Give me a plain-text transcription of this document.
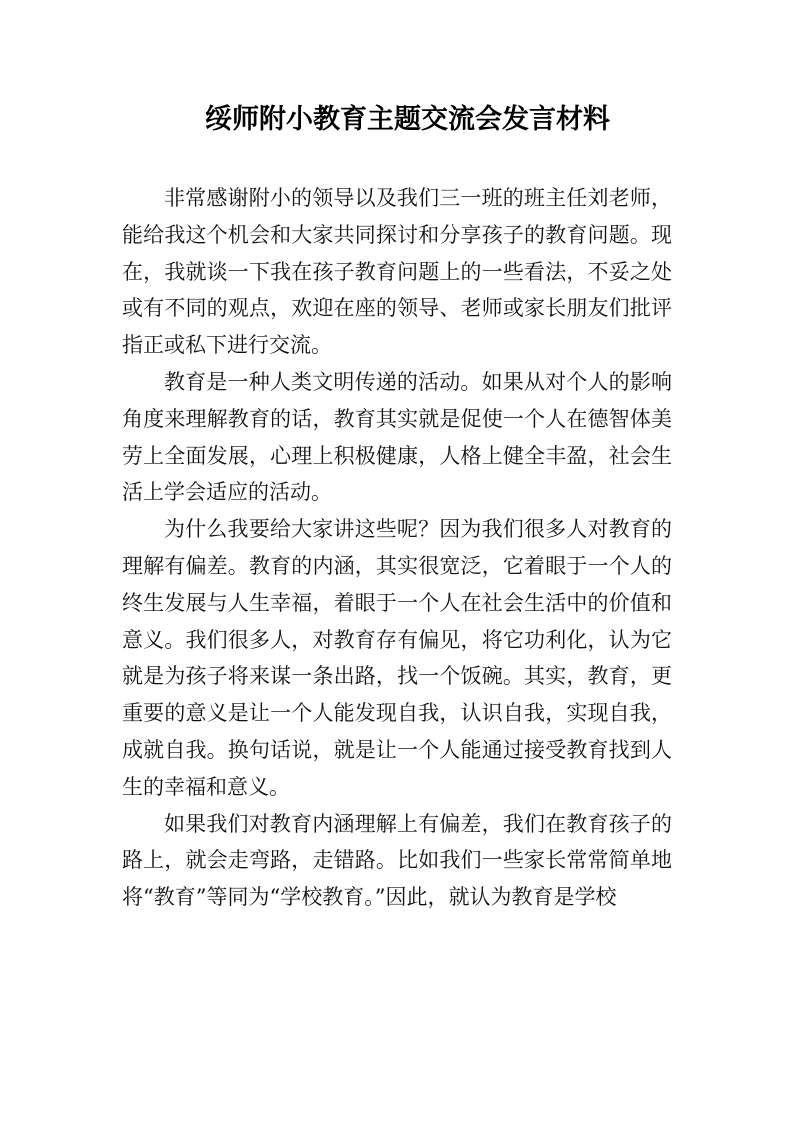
绥师附小教育主题交流会发言材料

非常感谢附小的领导以及我们三一班的班主任刘老师，能给我这个机会和大家共同探讨和分享孩子的教育问题。现在，我就谈一下我在孩子教育问题上的一些看法，不妥之处或有不同的观点，欢迎在座的领导、老师或家长朋友们批评指正或私下进行交流。

教育是一种人类文明传递的活动。如果从对个人的影响角度来理解教育的话，教育其实就是促使一个人在德智体美劳上全面发展，心理上积极健康，人格上健全丰盈，社会生活上学会适应的活动。

为什么我要给大家讲这些呢？因为我们很多人对教育的理解有偏差。教育的内涵，其实很宽泛，它着眼于一个人的终生发展与人生幸福，着眼于一个人在社会生活中的价值和意义。我们很多人，对教育存有偏见，将它功利化，认为它就是为孩子将来谋一条出路，找一个饭碗。其实，教育，更重要的意义是让一个人能发现自我，认识自我，实现自我，成就自我。换句话说，就是让一个人能通过接受教育找到人生的幸福和意义。

如果我们对教育内涵理解上有偏差，我们在教育孩子的路上，就会走弯路，走错路。比如我们一些家长常常简单地将“教育”等同为“学校教育。”因此，就认为教育是学校
